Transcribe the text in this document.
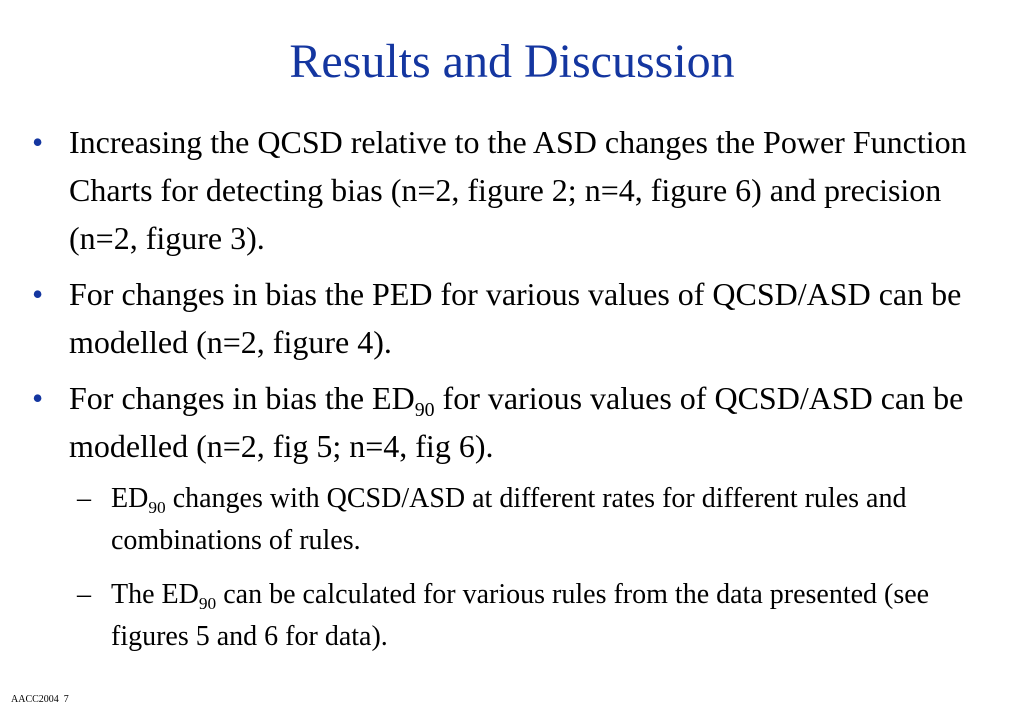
Results and Discussion

• Increasing the QCSD relative to the ASD changes the Power Function Charts for detecting bias (n=2, figure 2; n=4, figure 6) and precision (n=2, figure 3).

• For changes in bias the PED for various values of QCSD/ASD can be modelled (n=2, figure 4).

• For changes in bias the $ED_{90}$ for various values of QCSD/ASD can be modelled (n=2, fig 5; n=4, fig 6).

– $ED_{90}$ changes with QCSD/ASD at different rates for different rules and combinations of rules.

– The $ED_{90}$ can be calculated for various rules from the data presented (see figures 5 and 6 for data).

AACC2004 7
